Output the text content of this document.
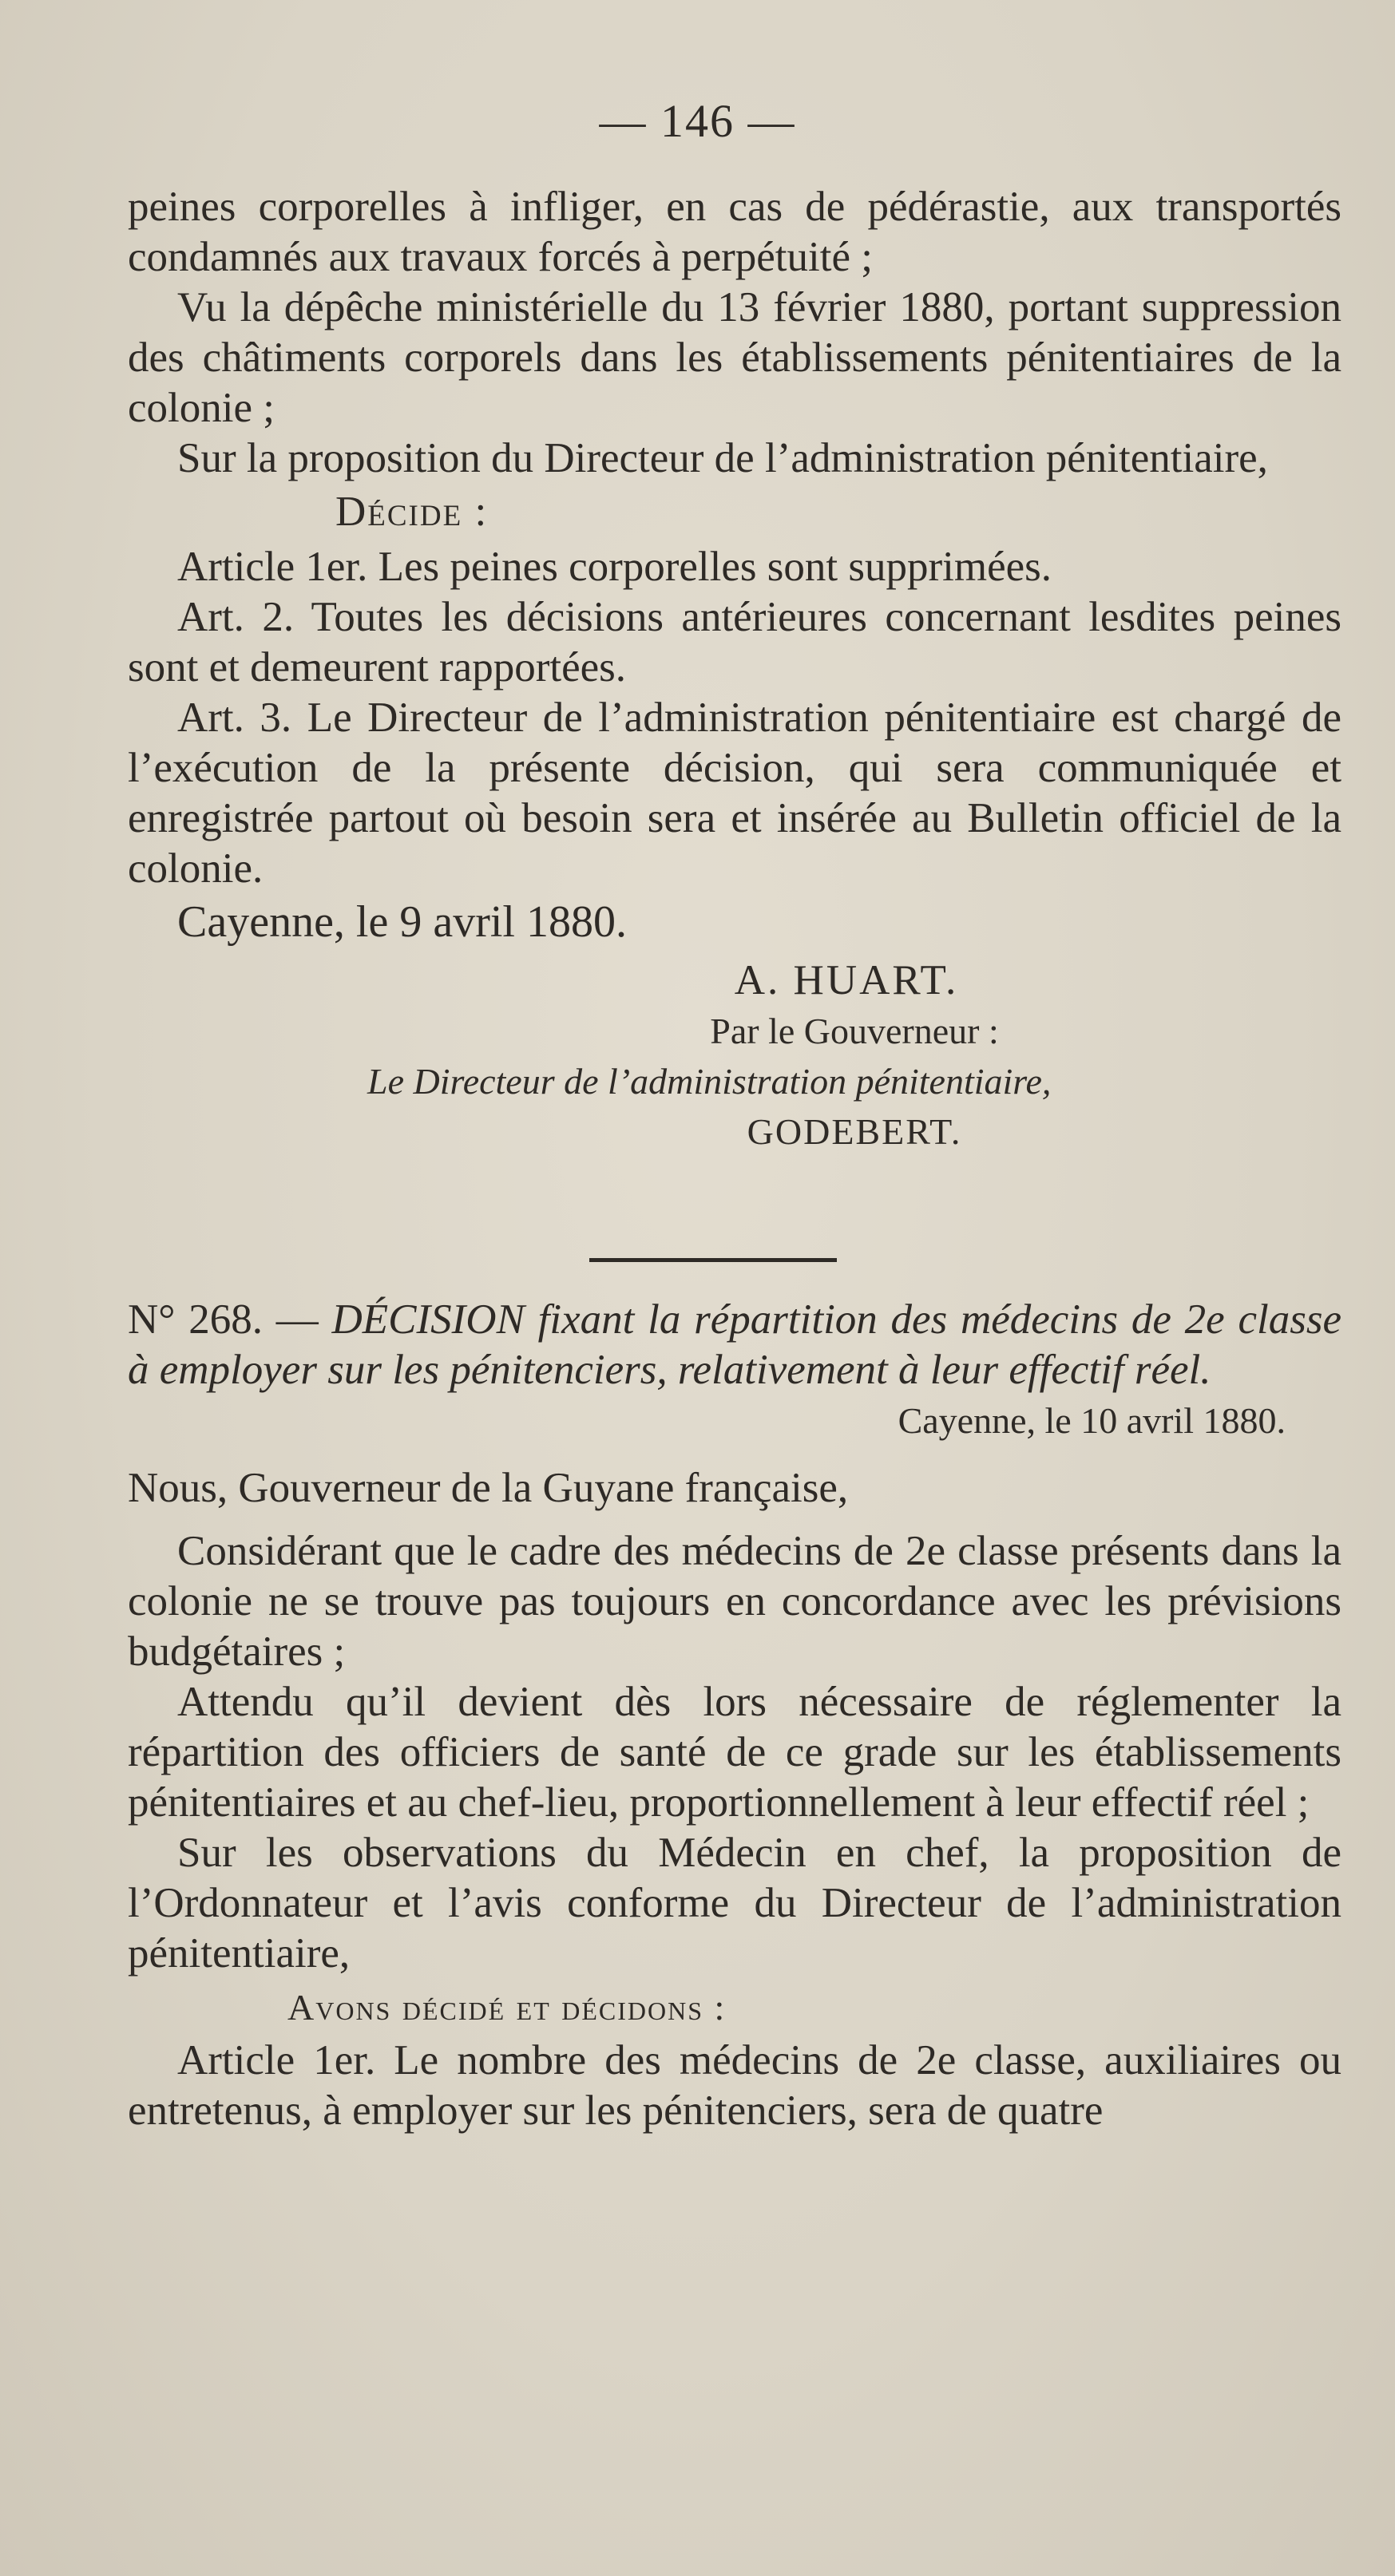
— 146 —

peines corporelles à infliger, en cas de pédérastie, aux transportés condamnés aux travaux forcés à perpétuité ;

Vu la dépêche ministérielle du 13 février 1880, portant suppression des châtiments corporels dans les établissements pénitentiaires de la colonie ;

Sur la proposition du Directeur de l’administration pénitentiaire,

Décide :

Article 1er. Les peines corporelles sont supprimées.

Art. 2. Toutes les décisions antérieures concernant lesdites peines sont et demeurent rapportées.

Art. 3. Le Directeur de l’administration pénitentiaire est chargé de l’exécution de la présente décision, qui sera communiquée et enregistrée partout où besoin sera et insérée au Bulletin officiel de la colonie.

Cayenne, le 9 avril 1880.

A. HUART.

Par le Gouverneur :

Le Directeur de l’administration pénitentiaire,

GODEBERT.

N° 268. — DÉCISION fixant la répartition des médecins de 2e classe à employer sur les pénitenciers, relativement à leur effectif réel.

Cayenne, le 10 avril 1880.

Nous, Gouverneur de la Guyane française,

Considérant que le cadre des médecins de 2e classe présents dans la colonie ne se trouve pas toujours en concordance avec les prévisions budgétaires ;

Attendu qu’il devient dès lors nécessaire de réglementer la répartition des officiers de santé de ce grade sur les établissements pénitentiaires et au chef-lieu, proportionnellement à leur effectif réel ;

Sur les observations du Médecin en chef, la proposition de l’Ordonnateur et l’avis conforme du Directeur de l’administration pénitentiaire,

Avons décidé et décidons :

Article 1er. Le nombre des médecins de 2e classe, auxiliaires ou entretenus, à employer sur les pénitenciers, sera de quatre
